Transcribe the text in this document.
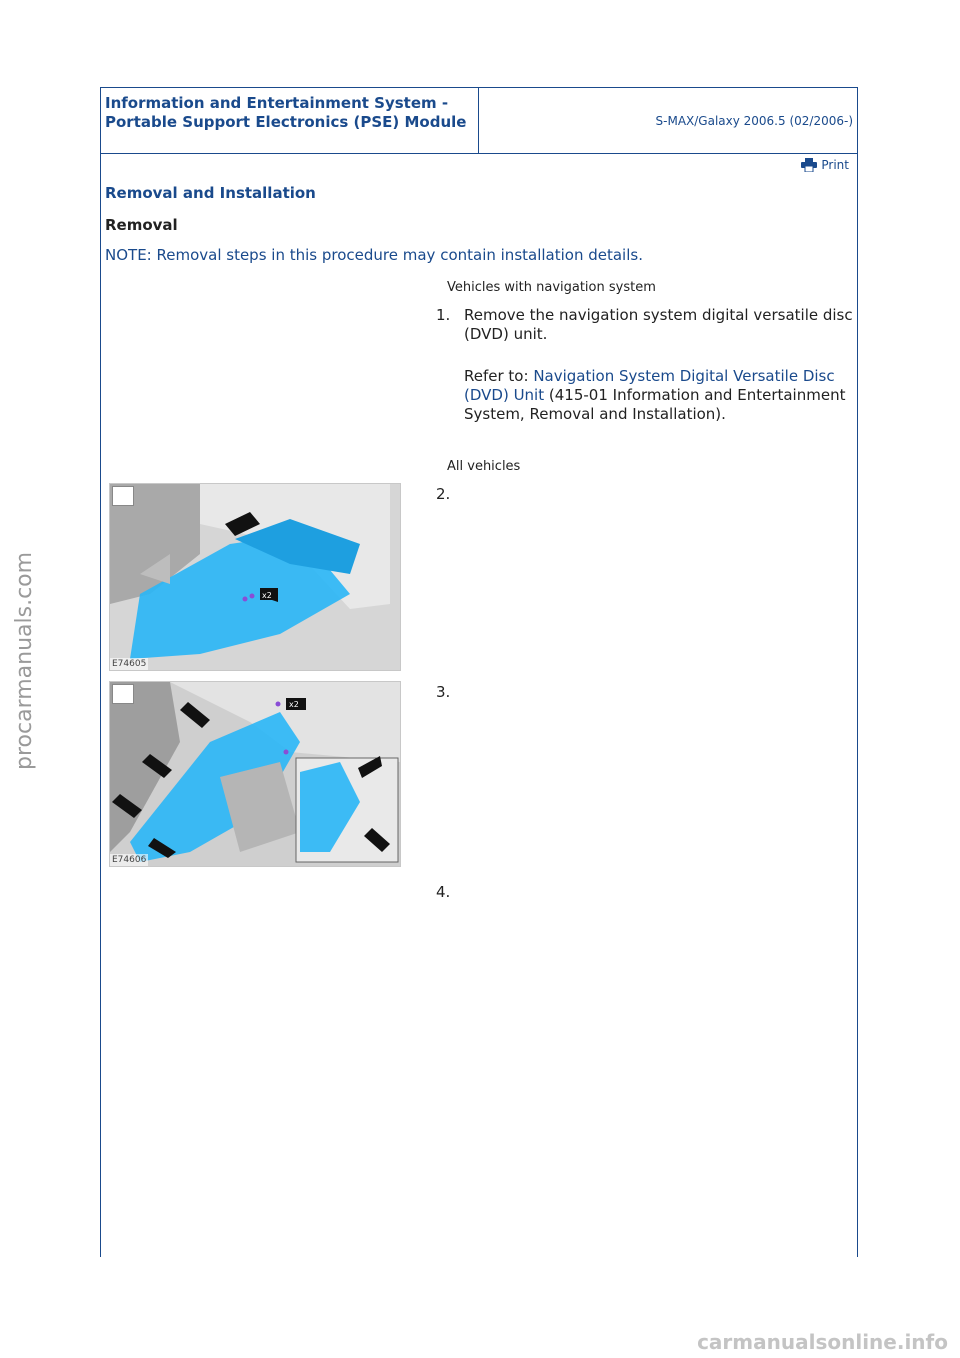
Information and Entertainment System - Portable Support Electronics (PSE) Module	S-MAX/Galaxy 2006.5 (02/2006-)
Print
Removal and Installation
Removal
NOTE: Removal steps in this procedure may contain installation details.
Vehicles with navigation system
1. Remove the navigation system digital versatile disc (DVD) unit.
Refer to: Navigation System Digital Versatile Disc (DVD) Unit (415-01 Information and Entertainment System, Removal and Installation).
All vehicles
x2
E74605
2.
x2
E74606
3.
4.
procarmanuals.com
carmanualsonline.info
